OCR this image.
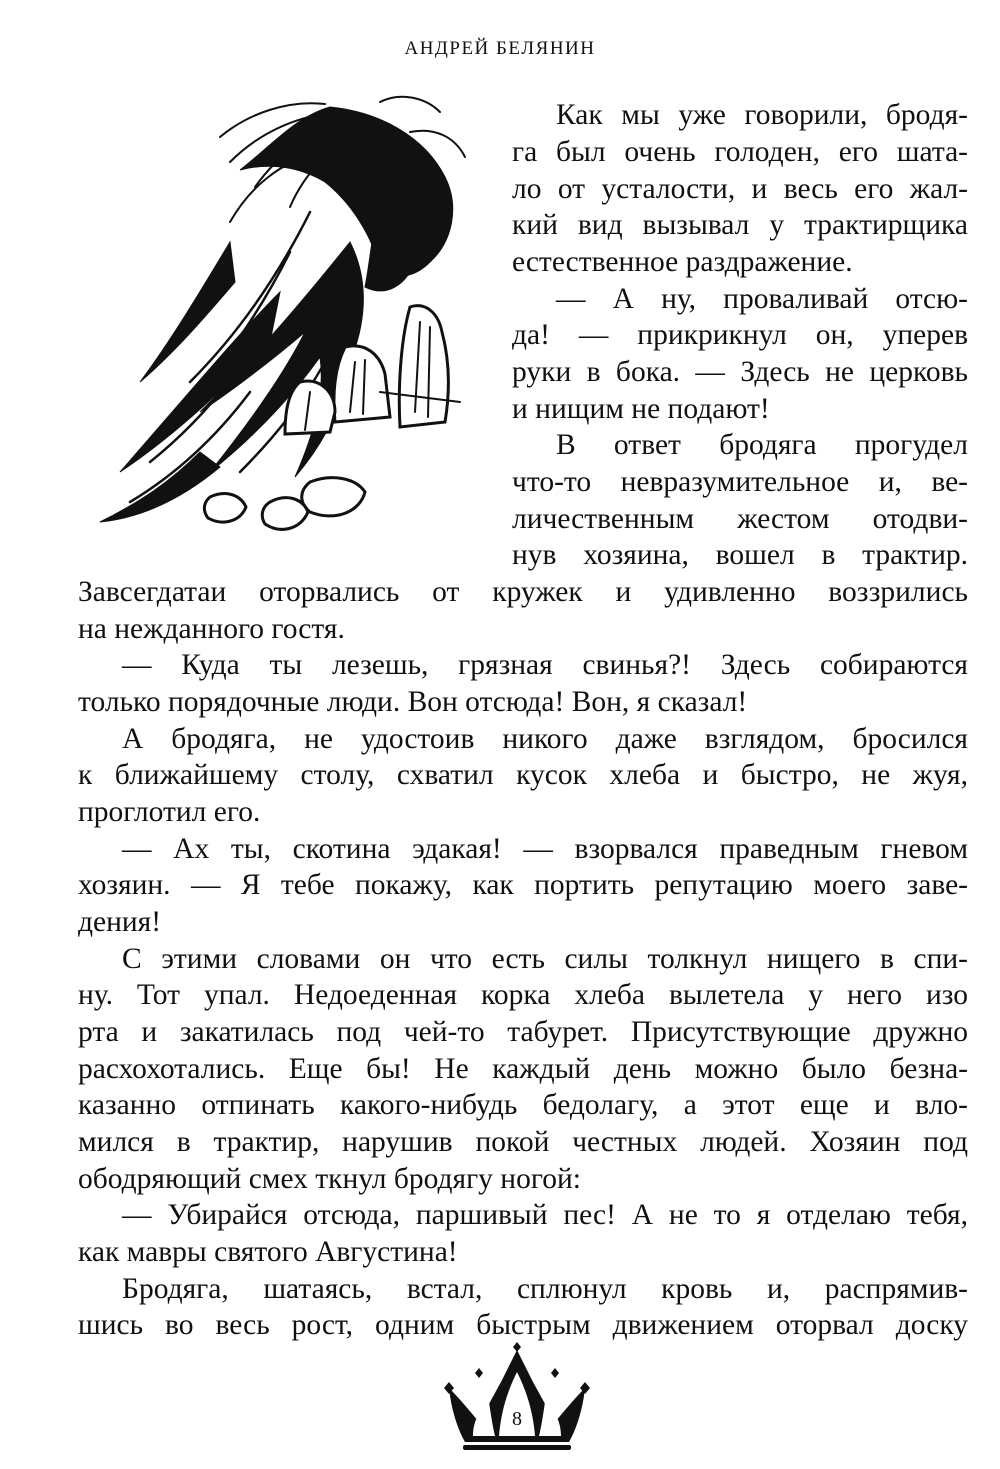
АНДРЕЙ БЕЛЯНИН
Как мы уже говорили, бродя-
га был очень голоден, его шата-
ло от усталости, и весь его жал-
кий вид вызывал у трактирщика
естественное раздражение.
— А ну, проваливай отсю-
да! — прикрикнул он, уперев
руки в бока. — Здесь не церковь
и нищим не подают!
В ответ бродяга прогудел
что-то невразумительное и, ве-
личественным жестом отодви-
нув хозяина, вошел в трактир.
Завсегдатаи оторвались от кружек и удивленно воззрились
на нежданного гостя.
— Куда ты лезешь, грязная свинья?! Здесь собираются
только порядочные люди. Вон отсюда! Вон, я сказал!
А бродяга, не удостоив никого даже взглядом, бросился
к ближайшему столу, схватил кусок хлеба и быстро, не жуя,
проглотил его.
— Ах ты, скотина эдакая! — взорвался праведным гневом
хозяин. — Я тебе покажу, как портить репутацию моего заве-
дения!
С этими словами он что есть силы толкнул нищего в спи-
ну. Тот упал. Недоеденная корка хлеба вылетела у него изо
рта и закатилась под чей-то табурет. Присутствующие дружно
расхохотались. Еще бы! Не каждый день можно было безна-
казанно отпинать какого-нибудь бедолагу, а этот еще и вло-
мился в трактир, нарушив покой честных людей. Хозяин под
ободряющий смех ткнул бродягу ногой:
— Убирайся отсюда, паршивый пес! А не то я отделаю тебя,
как мавры святого Августина!
Бродяга, шатаясь, встал, сплюнул кровь и, распрямив-
шись во весь рост, одним быстрым движением оторвал доску
8
